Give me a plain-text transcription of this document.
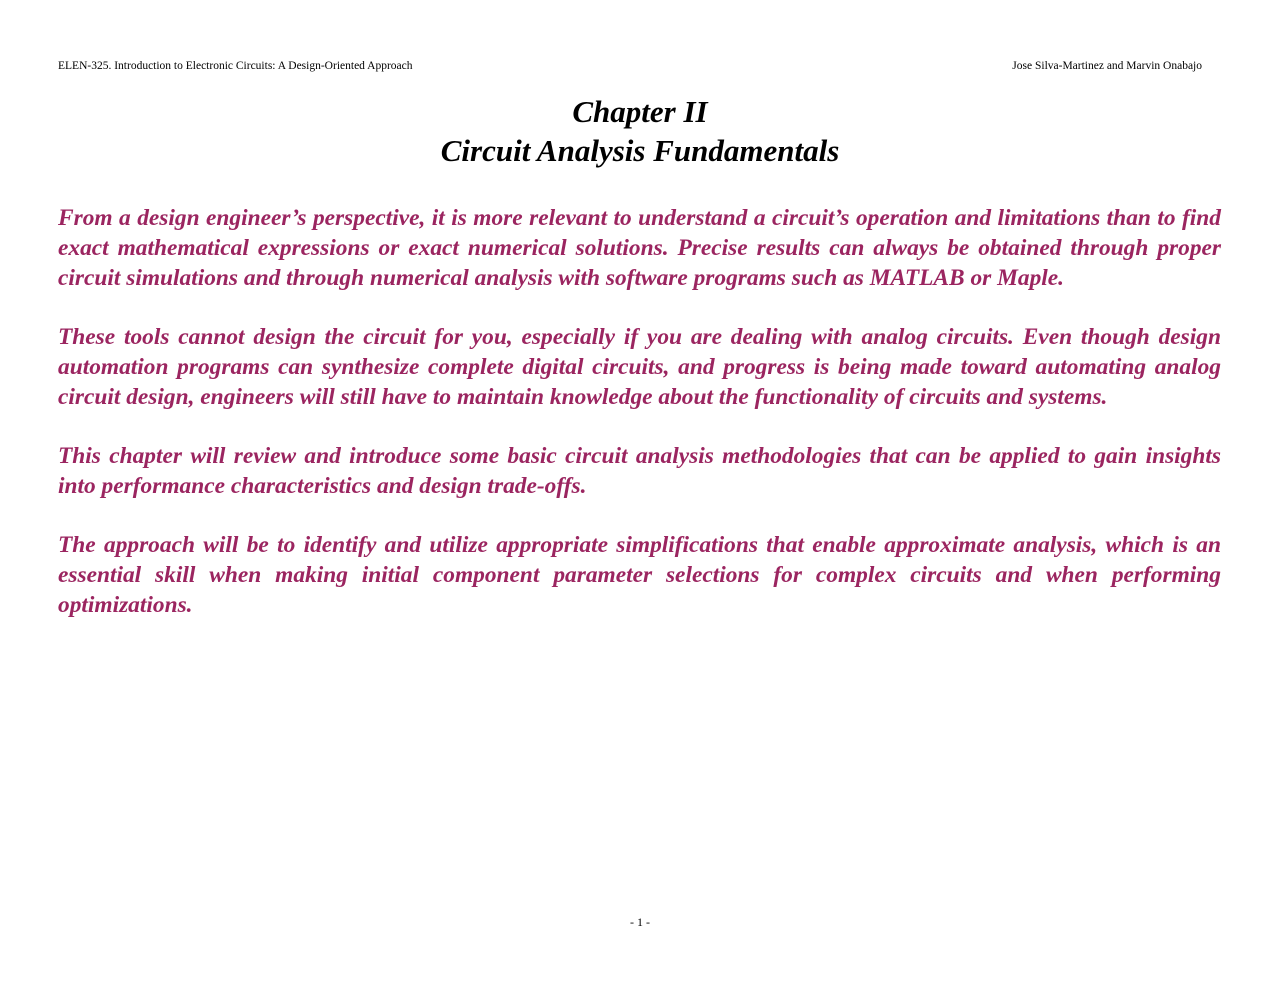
ELEN-325. Introduction to Electronic Circuits: A Design-Oriented Approach	Jose Silva-Martinez and Marvin Onabajo
Chapter II
Circuit Analysis Fundamentals

From a design engineer’s perspective, it is more relevant to understand a circuit’s operation and limitations than to find exact mathematical expressions or exact numerical solutions. Precise results can always be obtained through proper circuit simulations and through numerical analysis with software programs such as MATLAB or Maple.

These tools cannot design the circuit for you, especially if you are dealing with analog circuits. Even though design automation programs can synthesize complete digital circuits, and progress is being made toward automating analog circuit design, engineers will still have to maintain knowledge about the functionality of circuits and systems.

This chapter will review and introduce some basic circuit analysis methodologies that can be applied to gain insights into performance characteristics and design trade-offs.

The approach will be to identify and utilize appropriate simplifications that enable approximate analysis, which is an essential skill when making initial component parameter selections for complex circuits and when performing optimizations.

- 1 -
